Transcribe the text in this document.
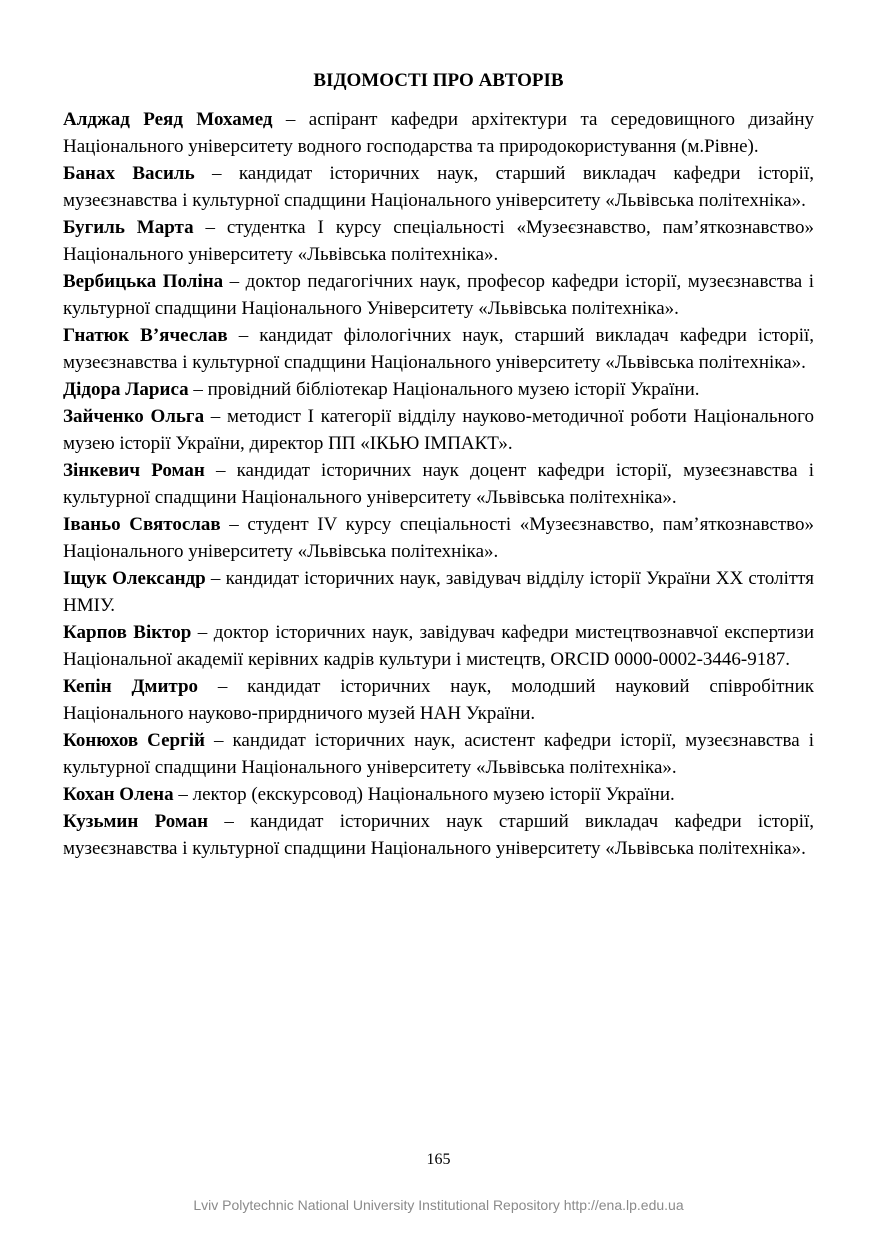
ВІДОМОСТІ ПРО АВТОРІВ
Алджад Реяд Мохамед – аспірант кафедри архітектури та середовищного дизайну Національного університету водного господарства та природокористування (м.Рівне).
Банах Василь – кандидат історичних наук, старший викладач кафедри історії, музеєзнавства і культурної спадщини Національного університету «Львівська політехніка».
Бугиль Марта – студентка І курсу спеціальності «Музеєзнавство, пам’яткознавство» Національного університету «Львівська політехніка».
Вербицька Поліна – доктор педагогічних наук, професор кафедри історії, музеєзнавства і культурної спадщини Національного Університету «Львівська політехніка».
Гнатюк В’ячеслав – кандидат філологічних наук, старший викладач кафедри історії, музеєзнавства і культурної спадщини Національного університету «Львівська політехніка».
Дідора Лариса – провідний бібліотекар Національного музею історії України.
Зайченко Ольга – методист І категорії відділу науково-методичної роботи Національного музею історії України, директор ПП «ІКЬЮ ІМПАКТ».
Зінкевич Роман – кандидат історичних наук доцент кафедри історії, музеєзнавства і культурної спадщини Національного університету «Львівська політехніка».
Іваньо Святослав – студент IV курсу спеціальності «Музеєзнавство, пам’яткознавство» Національного університету «Львівська політехніка».
Іщук Олександр – кандидат історичних наук, завідувач відділу історії України ХХ століття НМІУ.
Карпов Віктор – доктор історичних наук, завідувач кафедри мистецтвознавчої експертизи Національної академії керівних кадрів культури і мистецтв, ORCID 0000-0002-3446-9187.
Кепін Дмитро – кандидат історичних наук, молодший науковий співробітник Національного науково-прирдничого музей НАН України.
Конюхов Сергій – кандидат історичних наук, асистент кафедри історії, музеєзнавства і культурної спадщини Національного університету «Львівська політехніка».
Кохан Олена – лектор (екскурсовод) Національного музею історії України.
Кузьмин Роман – кандидат історичних наук старший викладач кафедри історії, музеєзнавства і культурної спадщини Національного університету «Львівська політехніка».
165
Lviv Polytechnic National University Institutional Repository http://ena.lp.edu.ua
